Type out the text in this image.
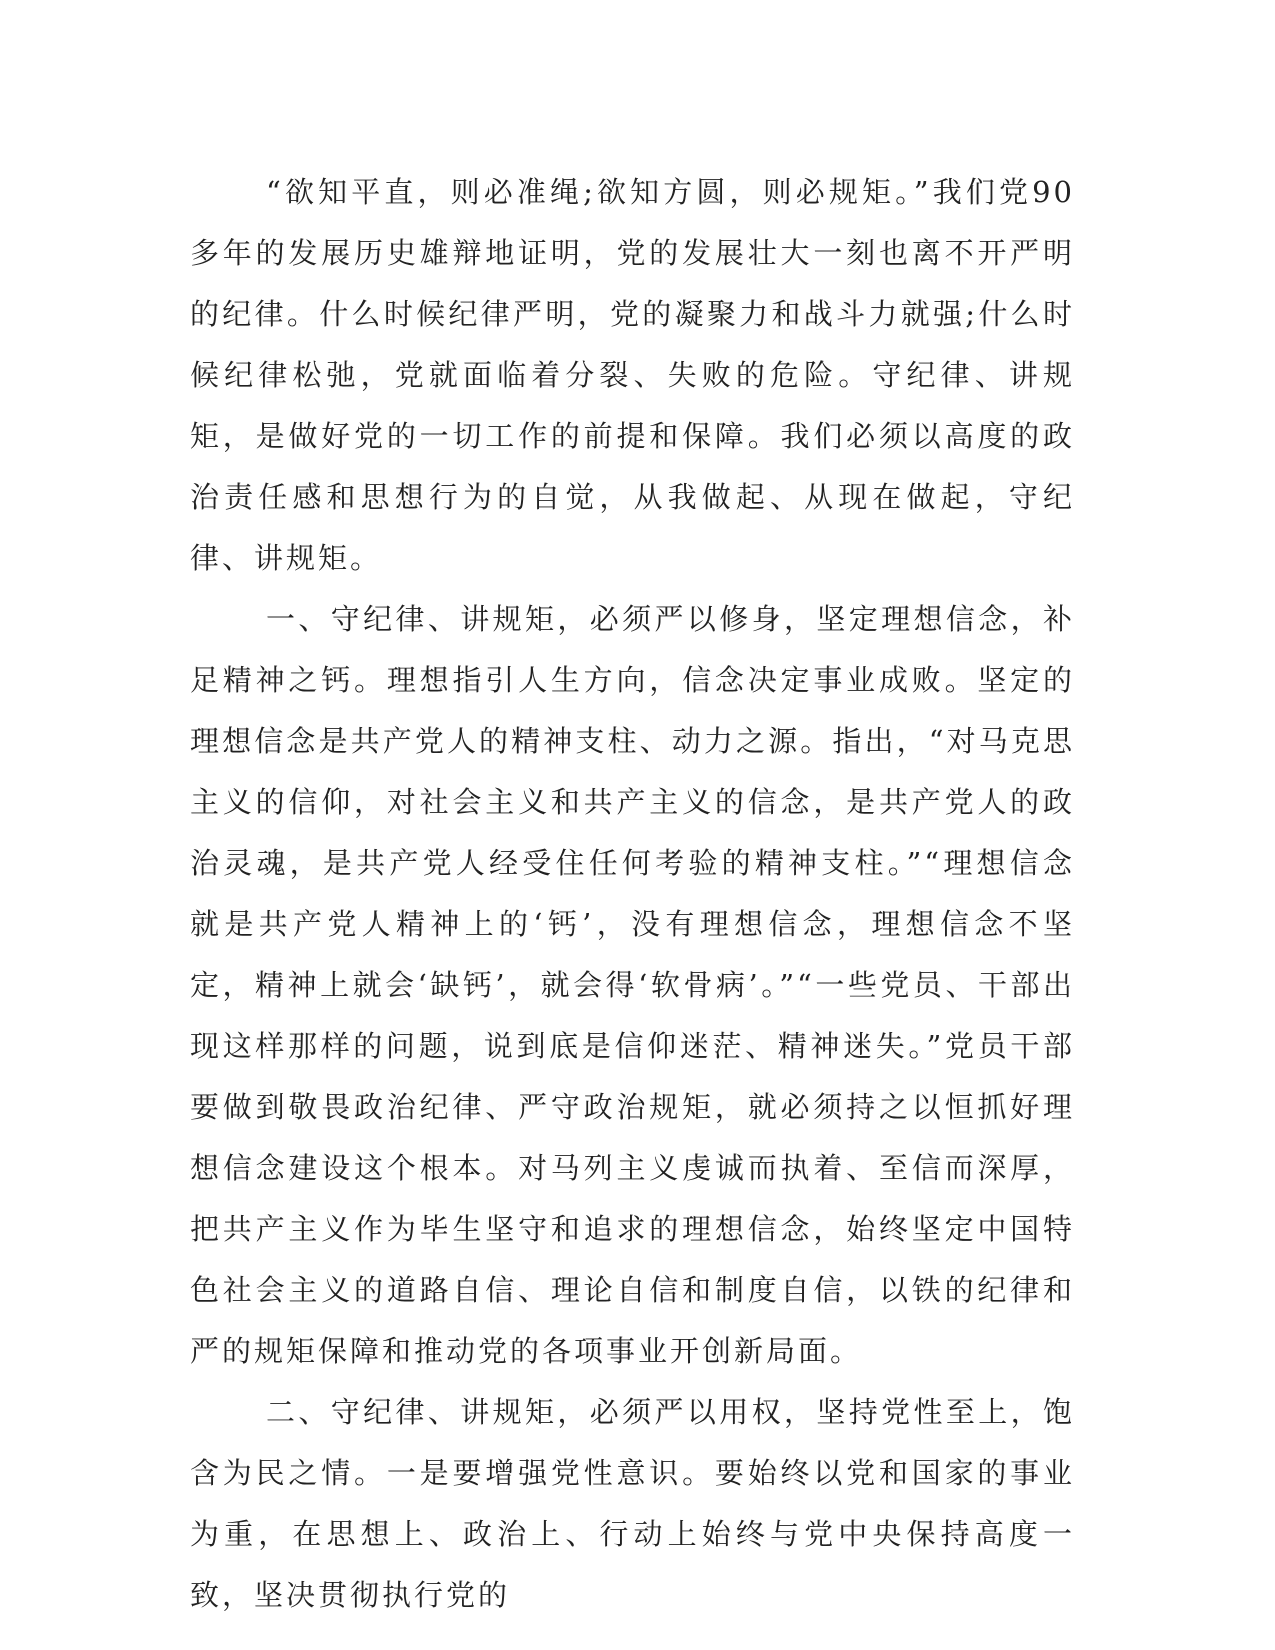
“欲知平直，则必准绳;欲知方圆，则必规矩。”我们党90多年的发展历史雄辩地证明，党的发展壮大一刻也离不开严明的纪律。什么时候纪律严明，党的凝聚力和战斗力就强;什么时候纪律松弛，党就面临着分裂、失败的危险。守纪律、讲规矩，是做好党的一切工作的前提和保障。我们必须以高度的政治责任感和思想行为的自觉，从我做起、从现在做起，守纪律、讲规矩。

一、守纪律、讲规矩，必须严以修身，坚定理想信念，补足精神之钙。理想指引人生方向，信念决定事业成败。坚定的理想信念是共产党人的精神支柱、动力之源。指出，“对马克思主义的信仰，对社会主义和共产主义的信念，是共产党人的政治灵魂，是共产党人经受住任何考验的精神支柱。”“理想信念就是共产党人精神上的‘钙’，没有理想信念，理想信念不坚定，精神上就会‘缺钙’，就会得‘软骨病’。”“一些党员、干部出现这样那样的问题，说到底是信仰迷茫、精神迷失。”党员干部要做到敬畏政治纪律、严守政治规矩，就必须持之以恒抓好理想信念建设这个根本。对马列主义虔诚而执着、至信而深厚，把共产主义作为毕生坚守和追求的理想信念，始终坚定中国特色社会主义的道路自信、理论自信和制度自信，以铁的纪律和严的规矩保障和推动党的各项事业开创新局面。

二、守纪律、讲规矩，必须严以用权，坚持党性至上，饱含为民之情。一是要增强党性意识。要始终以党和国家的事业为重，在思想上、政治上、行动上始终与党中央保持高度一致，坚决贯彻执行党的
